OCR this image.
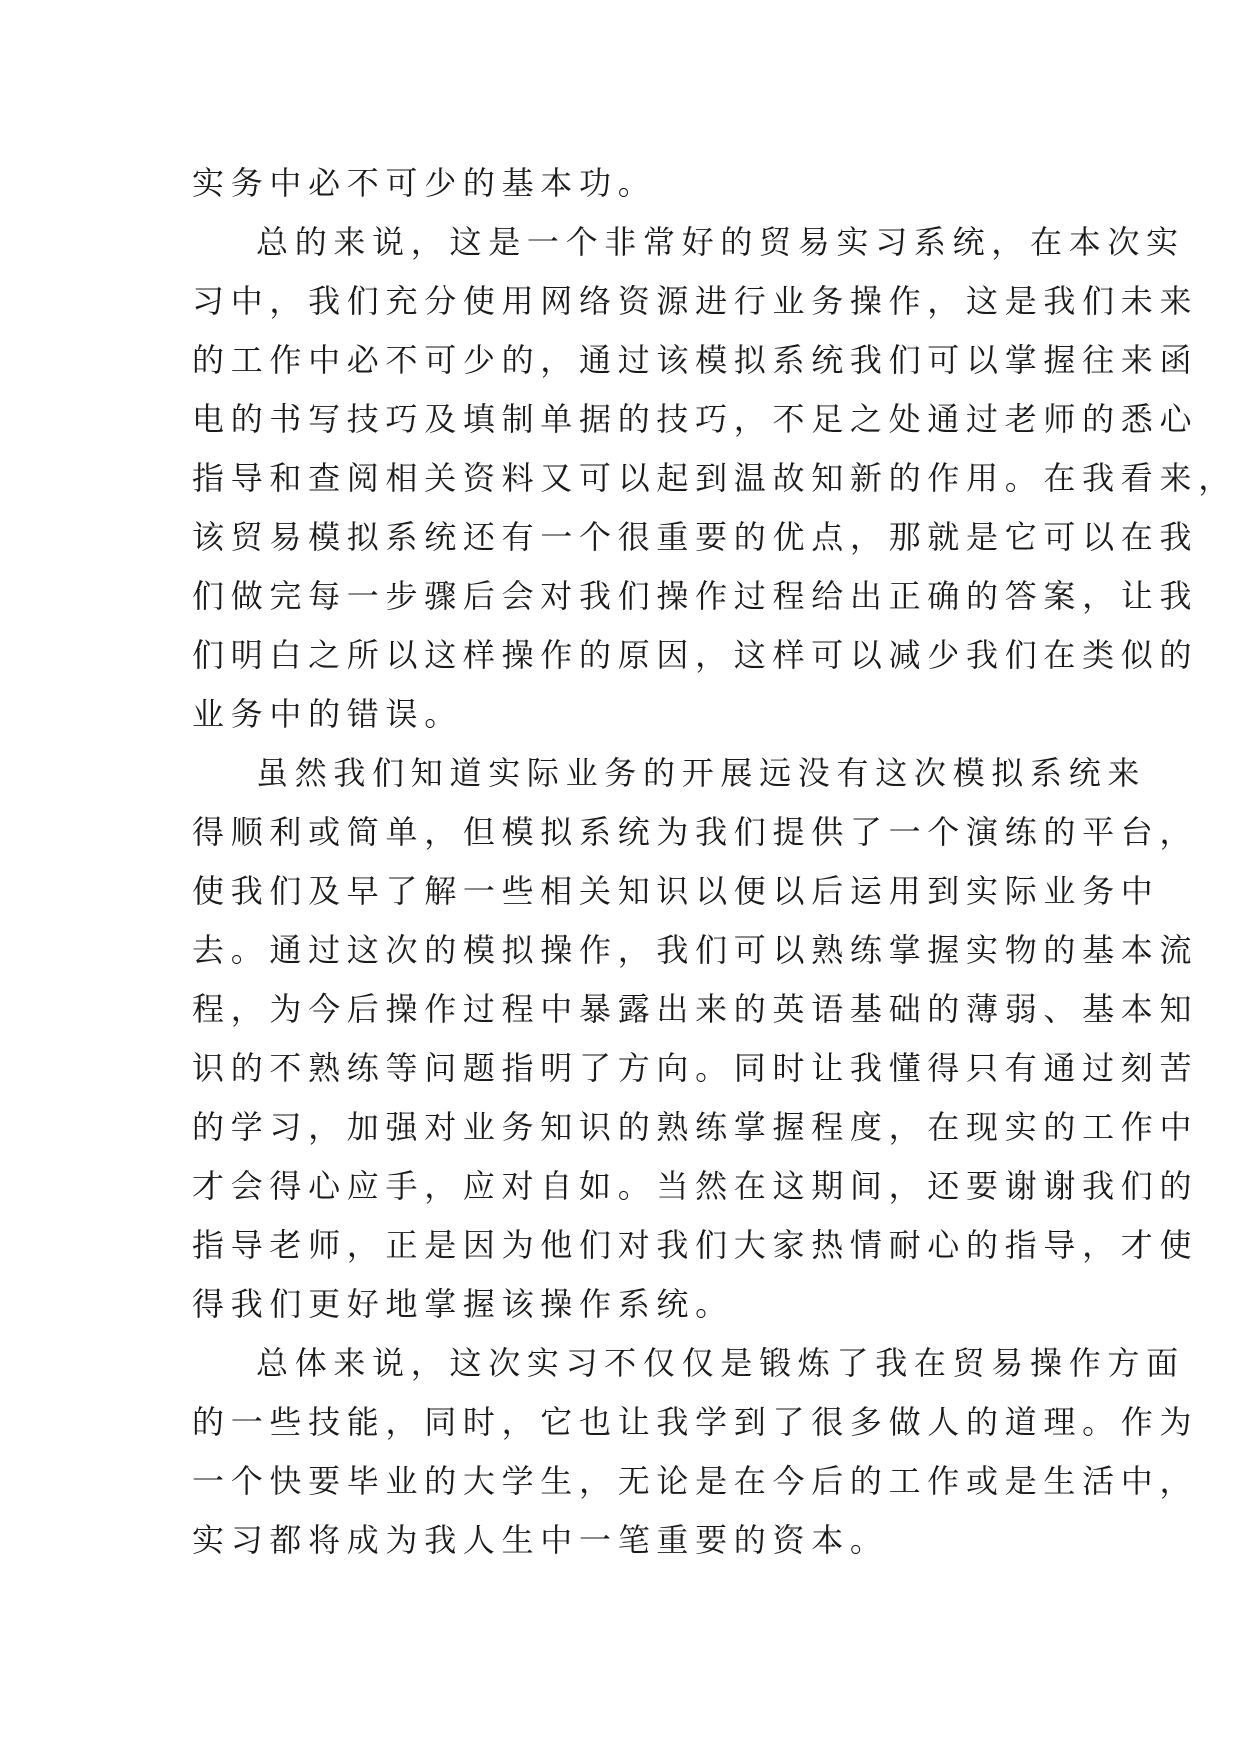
实务中必不可少的基本功。
总的来说，这是一个非常好的贸易实习系统，在本次实
习中，我们充分使用网络资源进行业务操作，这是我们未来
的工作中必不可少的，通过该模拟系统我们可以掌握往来函
电的书写技巧及填制单据的技巧，不足之处通过老师的悉心
指导和查阅相关资料又可以起到温故知新的作用。在我看来，
该贸易模拟系统还有一个很重要的优点，那就是它可以在我
们做完每一步骤后会对我们操作过程给出正确的答案，让我
们明白之所以这样操作的原因，这样可以减少我们在类似的
业务中的错误。
虽然我们知道实际业务的开展远没有这次模拟系统来
得顺利或简单，但模拟系统为我们提供了一个演练的平台，
使我们及早了解一些相关知识以便以后运用到实际业务中
去。通过这次的模拟操作，我们可以熟练掌握实物的基本流
程，为今后操作过程中暴露出来的英语基础的薄弱、基本知
识的不熟练等问题指明了方向。同时让我懂得只有通过刻苦
的学习，加强对业务知识的熟练掌握程度，在现实的工作中
才会得心应手，应对自如。当然在这期间，还要谢谢我们的
指导老师，正是因为他们对我们大家热情耐心的指导，才使
得我们更好地掌握该操作系统。
总体来说，这次实习不仅仅是锻炼了我在贸易操作方面
的一些技能，同时，它也让我学到了很多做人的道理。作为
一个快要毕业的大学生，无论是在今后的工作或是生活中，
实习都将成为我人生中一笔重要的资本。
